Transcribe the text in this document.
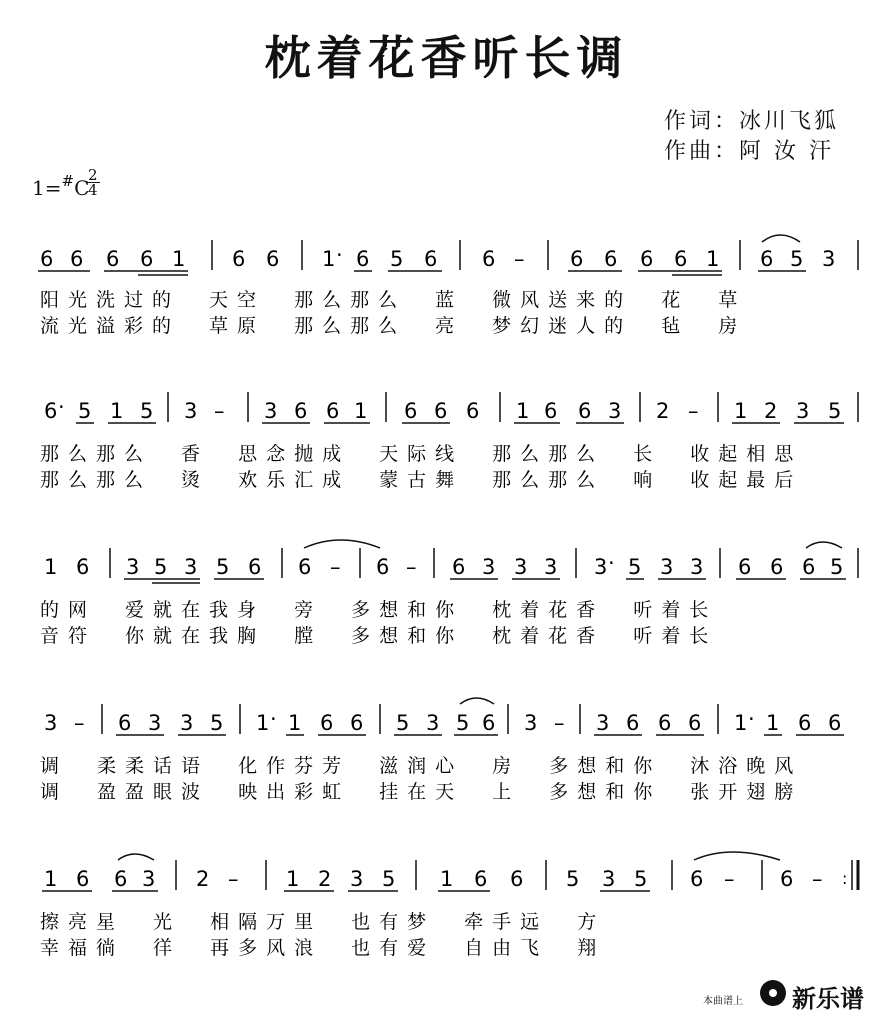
枕着花香听长调
作词：冰川飞狐
作曲：阿 汝 汗
1=#C
2
4
6 6 6 6 1 6 6 1 · 6 5 6 6 – 6 6 6 6 1 6 5 3
阳光洗过的 天空 那么那么 蓝 微风送来的 花 草
流光溢彩的 草原 那么那么 亮 梦幻迷人的 毡 房
6 · 5 1 5 3 – 3 6 6 1 6 6 6 1 6 6 3 2 – 1 2 3 5
那么那么 香 思念抛成 天际线 那么那么 长 收起相思
那么那么 烫 欢乐汇成 蒙古舞 那么那么 响 收起最后
1 6 3 5 3 5 6 6 – 6 – 6 3 3 3 3 · 5 3 3 6 6 6 5
的网 爱就在我身 旁 多想和你 枕着花香 听着长
音符 你就在我胸 膛 多想和你 枕着花香 听着长
3 – 6 3 3 5 1 · 1 6 6 5 3 5 6 3 – 3 6 6 6 1 · 1 6 6
调 柔柔话语 化作芬芳 滋润心 房 多想和你 沐浴晚风
调 盈盈眼波 映出彩虹 挂在天 上 多想和你 张开翅膀
1 6 6 3 2 – 1 2 3 5 1 6 6 5 3 5 6 – 6 – :
擦亮星 光 相隔万里 也有梦 牵手远 方
幸福徜 徉 再多风浪 也有爱 自由飞 翔
本曲谱上 新乐谱
